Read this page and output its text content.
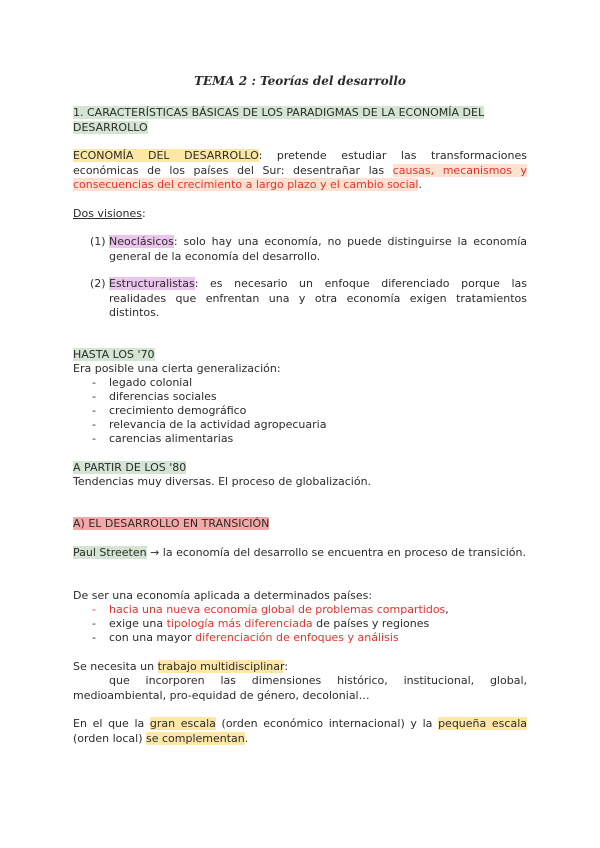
TEMA 2 : Teorías del desarrollo
1. CARACTERÍSTICAS BÁSICAS DE LOS PARADIGMAS DE LA ECONOMÍA DEL
DESARROLLO
ECONOMÍA DEL DESARROLLO: pretende estudiar las transformaciones económicas de los países del Sur: desentrañar las causas, mecanismos y consecuencias del crecimiento a largo plazo y el cambio social.
Dos visiones:
(1) Neoclásicos: solo hay una economía, no puede distinguirse la economía general de la economía del desarrollo.
(2) Estructuralistas: es necesario un enfoque diferenciado porque las realidades que enfrentan una y otra economía exigen tratamientos distintos.
HASTA LOS '70
Era posible una cierta generalización:
- legado colonial
- diferencias sociales
- crecimiento demográfico
- relevancia de la actividad agropecuaria
- carencias alimentarias
A PARTIR DE LOS '80
Tendencias muy diversas. El proceso de globalización.
A) EL DESARROLLO EN TRANSICIÓN
Paul Streeten → la economía del desarrollo se encuentra en proceso de transición.
De ser una economía aplicada a determinados países:
- hacia una nueva economía global de problemas compartidos,
- exige una tipología más diferenciada de países y regiones
- con una mayor diferenciación de enfoques y análisis
Se necesita un trabajo multidisciplinar:
que incorporen las dimensiones histórico, institucional, global, medioambiental, pro-equidad de género, decolonial…
En el que la gran escala (orden económico internacional) y la pequeña escala (orden local) se complementan.
